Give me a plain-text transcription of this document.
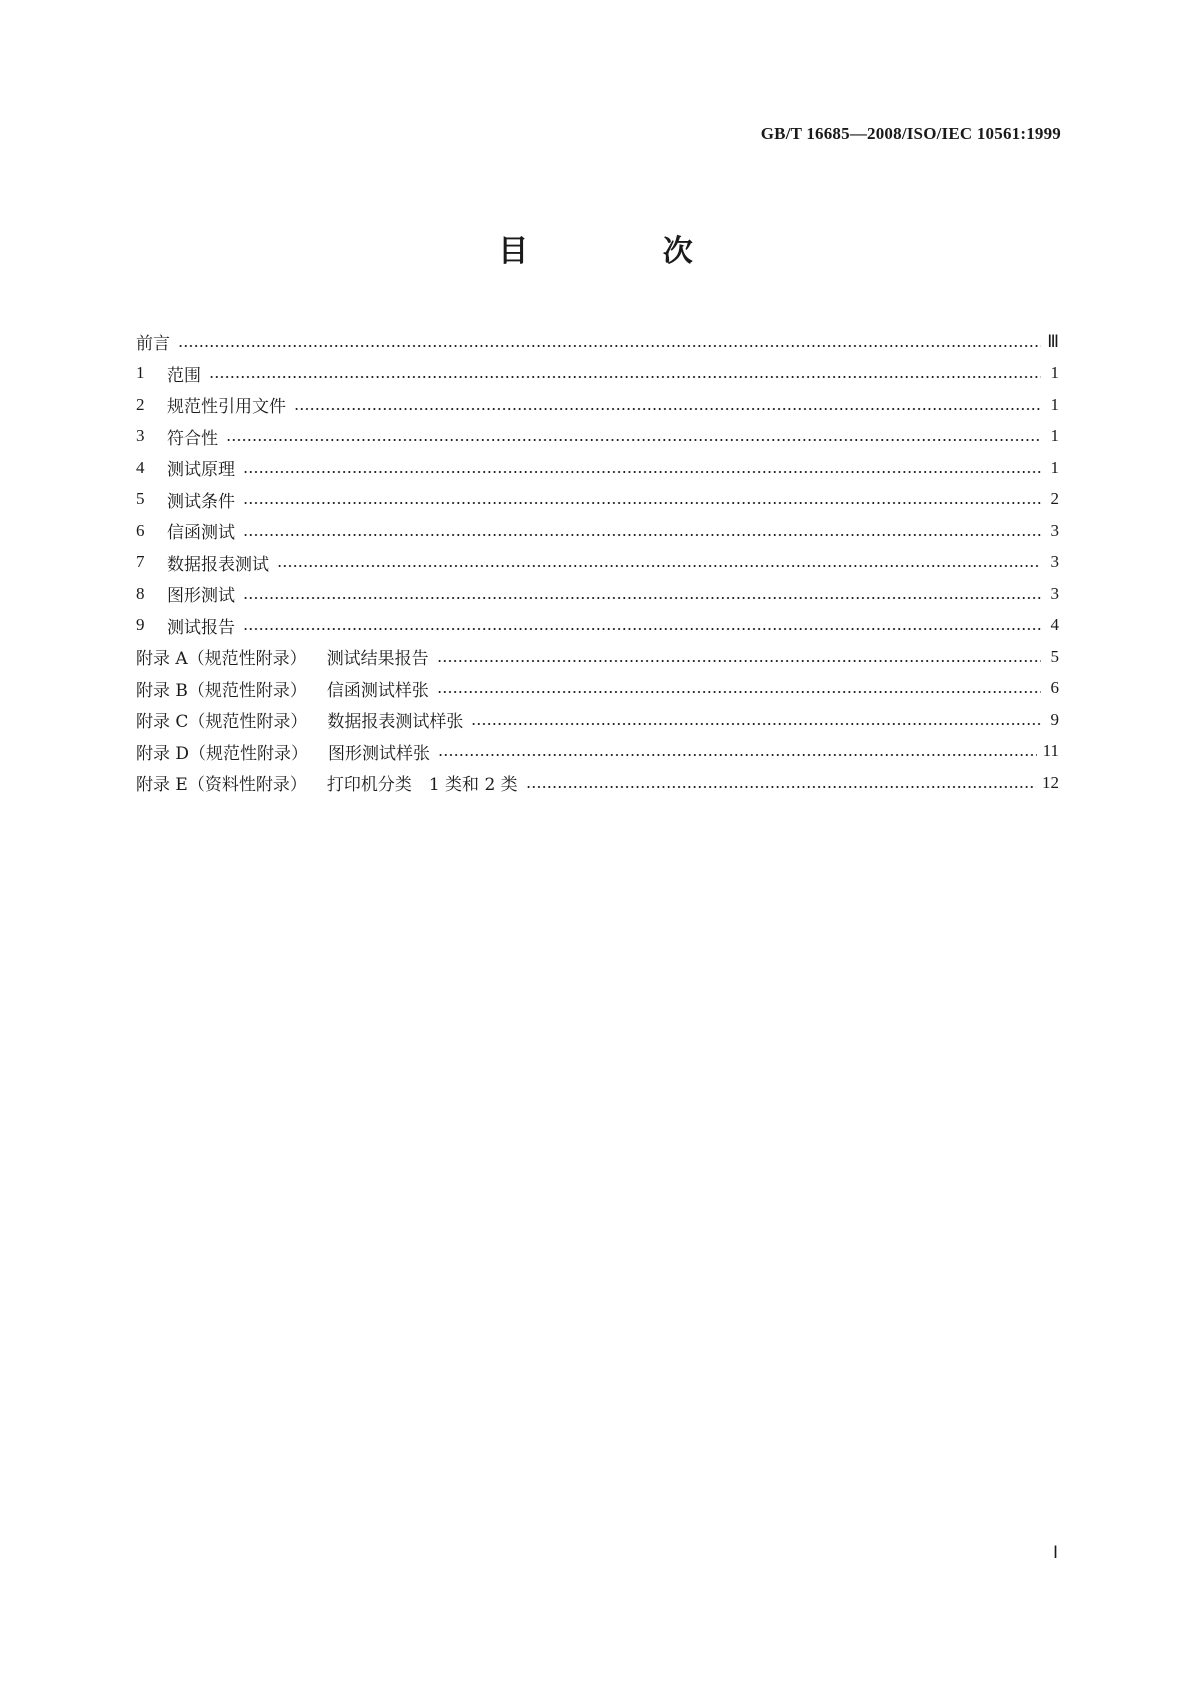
GB/T 16685—2008/ISO/IEC 10561:1999
目 次
前言	Ⅲ
1	范围	1
2	规范性引用文件	1
3	符合性	1
4	测试原理	1
5	测试条件	2
6	信函测试	3
7	数据报表测试	3
8	图形测试	3
9	测试报告	4
附录 A（规范性附录） 测试结果报告	5
附录 B（规范性附录） 信函测试样张	6
附录 C（规范性附录） 数据报表测试样张	9
附录 D（规范性附录） 图形测试样张	11
附录 E（资料性附录） 打印机分类　1 类和 2 类	12
Ⅰ
